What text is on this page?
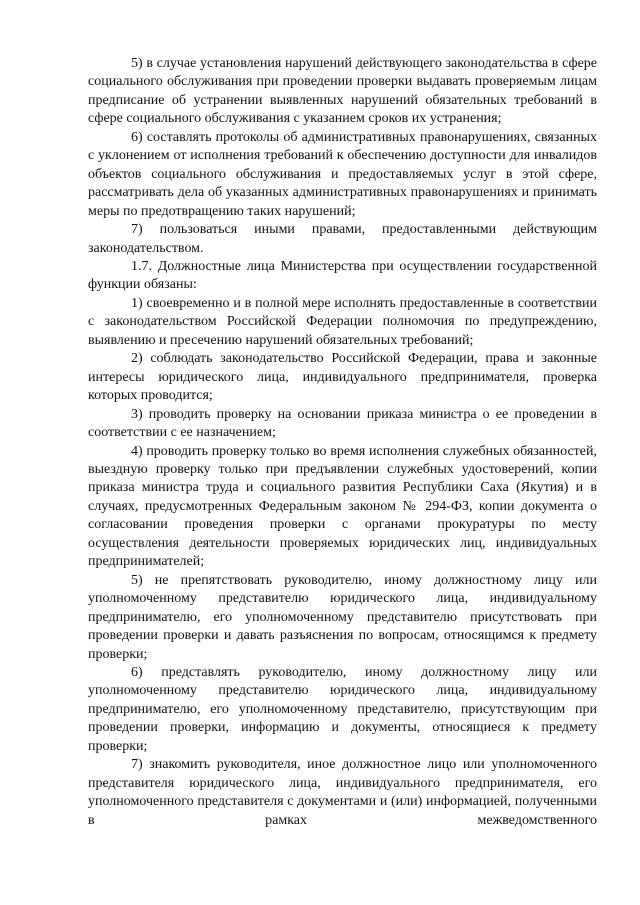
5) в случае установления нарушений действующего законодательства в сфере социального обслуживания при проведении проверки выдавать проверяемым лицам предписание об устранении выявленных нарушений обязательных требований в сфере социального обслуживания с указанием сроков их устранения;

6) составлять протоколы об административных правонарушениях, связанных с уклонением от исполнения требований к обеспечению доступности для инвалидов объектов социального обслуживания и предоставляемых услуг в этой сфере, рассматривать дела об указанных административных правонарушениях и принимать меры по предотвращению таких нарушений;

7) пользоваться иными правами, предоставленными действующим законодательством.

1.7. Должностные лица Министерства при осуществлении государственной функции обязаны:

1) своевременно и в полной мере исполнять предоставленные в соответствии с законодательством Российской Федерации полномочия по предупреждению, выявлению и пресечению нарушений обязательных требований;

2) соблюдать законодательство Российской Федерации, права и законные интересы юридического лица, индивидуального предпринимателя, проверка которых проводится;

3) проводить проверку на основании приказа министра о ее проведении в соответствии с ее назначением;

4) проводить проверку только во время исполнения служебных обязанностей, выездную проверку только при предъявлении служебных удостоверений, копии приказа министра труда и социального развития Республики Саха (Якутия) и в случаях, предусмотренных Федеральным законом № 294-ФЗ, копии документа о согласовании проведения проверки с органами прокуратуры по месту осуществления деятельности проверяемых юридических лиц, индивидуальных предпринимателей;

5) не препятствовать руководителю, иному должностному лицу или уполномоченному представителю юридического лица, индивидуальному предпринимателю, его уполномоченному представителю присутствовать при проведении проверки и давать разъяснения по вопросам, относящимся к предмету проверки;

6) представлять руководителю, иному должностному лицу или уполномоченному представителю юридического лица, индивидуальному предпринимателю, его уполномоченному представителю, присутствующим при проведении проверки, информацию и документы, относящиеся к предмету проверки;

7) знакомить руководителя, иное должностное лицо или уполномоченного представителя юридического лица, индивидуального предпринимателя, его уполномоченного представителя с документами и (или) информацией, полученными в рамках межведомственного
